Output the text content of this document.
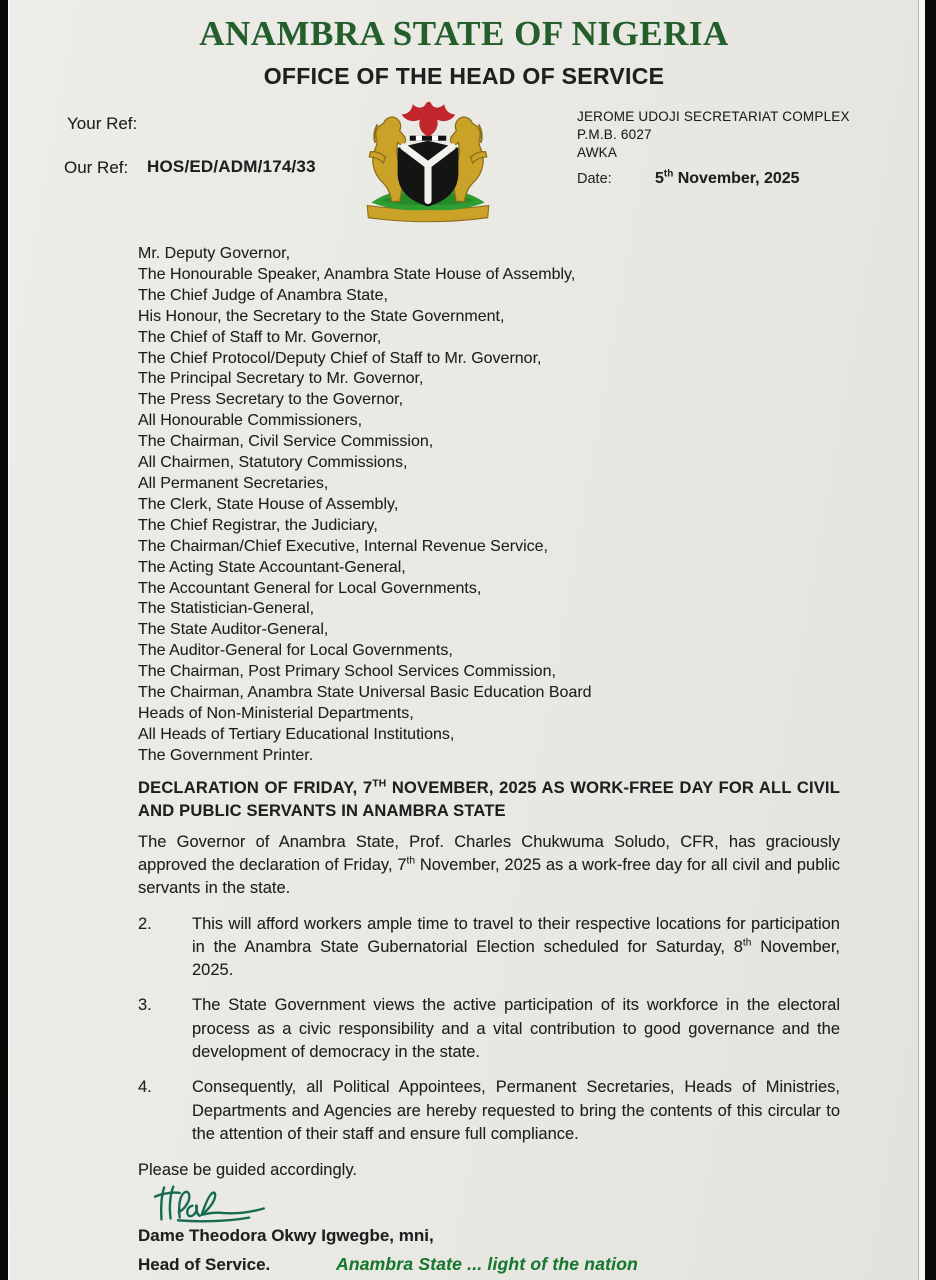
ANAMBRA STATE OF NIGERIA
OFFICE OF THE HEAD OF SERVICE
Your Ref:
Our Ref: HOS/ED/ADM/174/33
JEROME UDOJI SECRETARIAT COMPLEX
P.M.B. 6027
AWKA
Date:	5th November, 2025
Mr. Deputy Governor,
The Honourable Speaker, Anambra State House of Assembly,
The Chief Judge of Anambra State,
His Honour, the Secretary to the State Government,
The Chief of Staff to Mr. Governor,
The Chief Protocol/Deputy Chief of Staff to Mr. Governor,
The Principal Secretary to Mr. Governor,
The Press Secretary to the Governor,
All Honourable Commissioners,
The Chairman, Civil Service Commission,
All Chairmen, Statutory Commissions,
All Permanent Secretaries,
The Clerk, State House of Assembly,
The Chief Registrar, the Judiciary,
The Chairman/Chief Executive, Internal Revenue Service,
The Acting State Accountant-General,
The Accountant General for Local Governments,
The Statistician-General,
The State Auditor-General,
The Auditor-General for Local Governments,
The Chairman, Post Primary School Services Commission,
The Chairman, Anambra State Universal Basic Education Board
Heads of Non-Ministerial Departments,
All Heads of Tertiary Educational Institutions,
The Government Printer.
DECLARATION OF FRIDAY, 7TH NOVEMBER, 2025 AS WORK-FREE DAY FOR ALL CIVIL AND PUBLIC SERVANTS IN ANAMBRA STATE

The Governor of Anambra State, Prof. Charles Chukwuma Soludo, CFR, has graciously approved the declaration of Friday, 7th November, 2025 as a work-free day for all civil and public servants in the state.

2.	This will afford workers ample time to travel to their respective locations for participation in the Anambra State Gubernatorial Election scheduled for Saturday, 8th November, 2025.

3.	The State Government views the active participation of its workforce in the electoral process as a civic responsibility and a vital contribution to good governance and the development of democracy in the state.

4.	Consequently, all Political Appointees, Permanent Secretaries, Heads of Ministries, Departments and Agencies are hereby requested to bring the contents of this circular to the attention of their staff and ensure full compliance.

Please be guided accordingly.
Dame Theodora Okwy Igwegbe, mni,
Head of Service.	Anambra State ... light of the nation
